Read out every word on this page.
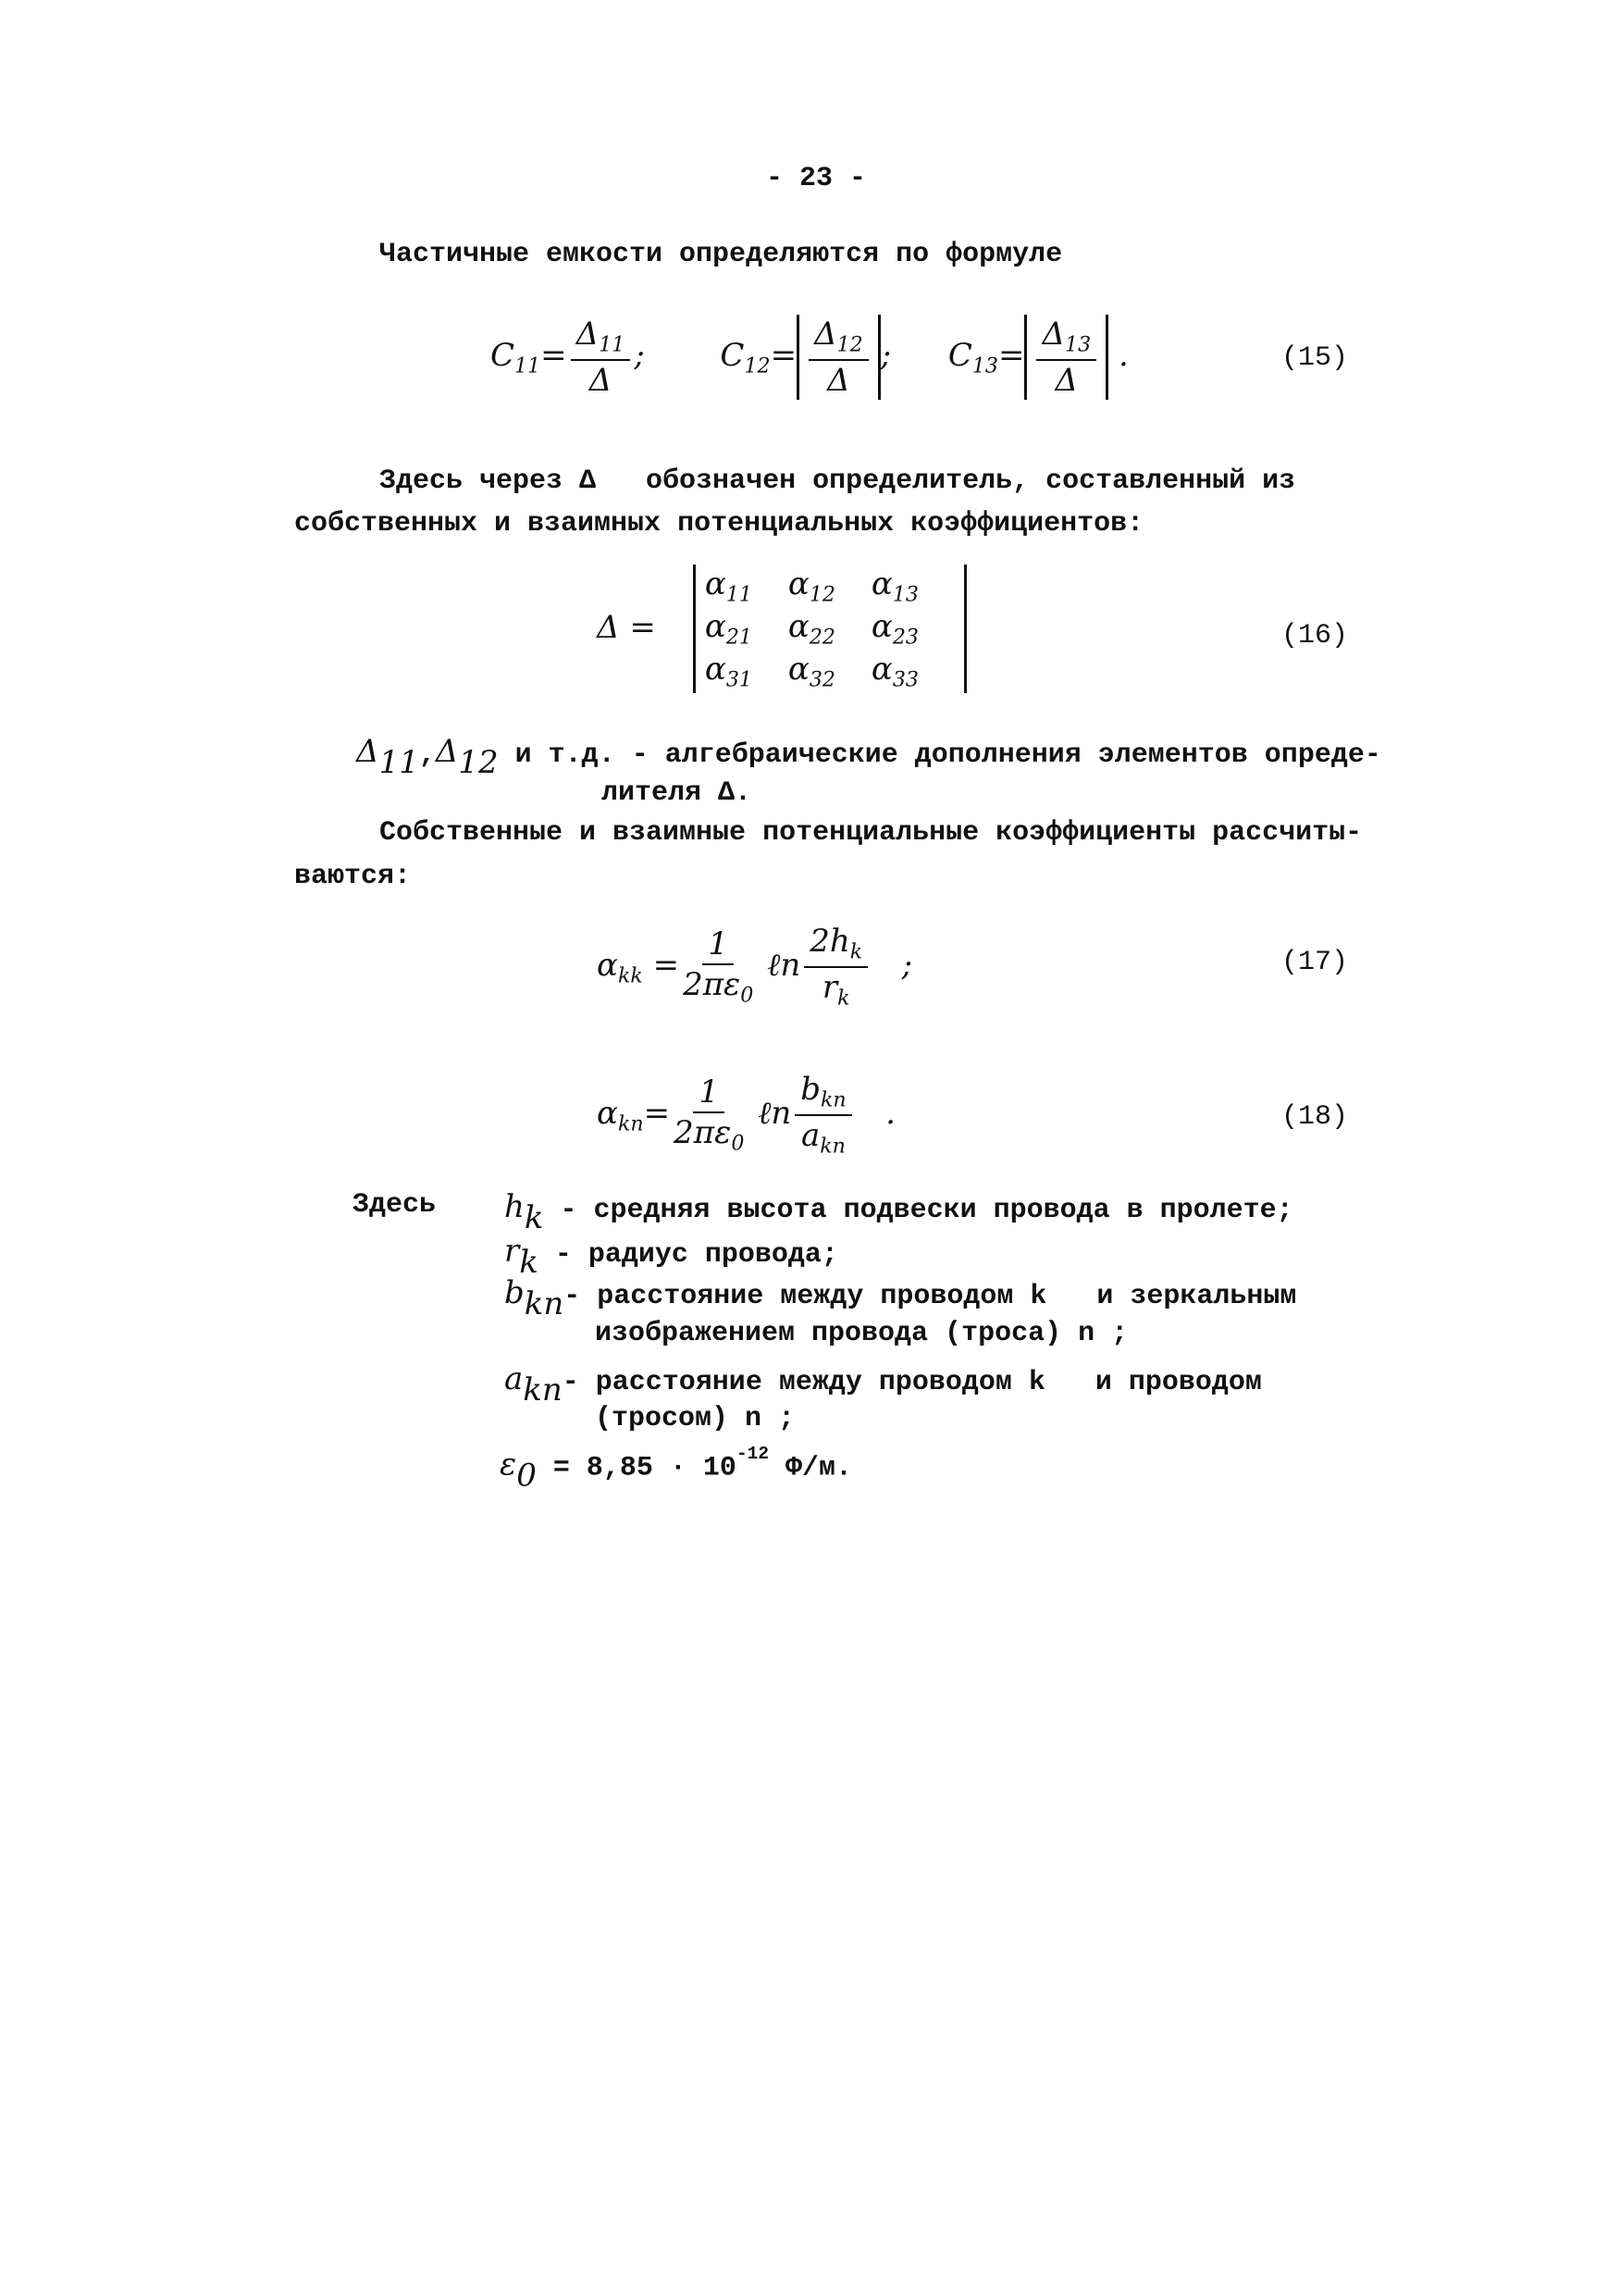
- 23 -
Частичные емкости определяются по формуле
$C_{11}= \frac{\Delta_{11}}{\Delta}$ ; $C_{12}= \frac{\Delta_{12}}{\Delta}$ ; $C_{13}= \frac{\Delta_{13}}{\Delta}$ .	(15)
Здесь через Δ   обозначен определитель, составленный из
собственных и взаимных потенциальных коэффициентов:
Δ =
$\alpha_{11}$	$\alpha_{12}$	$\alpha_{13}$
$\alpha_{21}$	$\alpha_{22}$	$\alpha_{23}$
$\alpha_{31}$	$\alpha_{32}$	$\alpha_{33}$
(16)
$\Delta_{11},\Delta_{12}$ и т.д. - алгебраические дополнения элементов опреде-
лителя Δ.
Собственные и взаимные потенциальные коэффициенты рассчиты-
ваются:
$\alpha_{kk} = \frac{1}{2\pi\varepsilon_0}$ ℓn $\frac{2h_k}{r_k}$ ;	(17)
$\alpha_{kn}= \frac{1}{2\pi\varepsilon_0}$ ℓn $\frac{b_{kn}}{a_{kn}}$ .	(18)
Здесь $h_k$ - средняя высота подвески провода в пролете;
$r_k$ - радиус провода;
$b_{kn}-$ расстояние между проводом k   и зеркальным
изображением провода (троса) n ;
$a_{kn}-$ расстояние между проводом k   и проводом
(тросом) n ;
$\varepsilon_0 = 8,85 \cdot 10^{-12}$ Ф/м.
